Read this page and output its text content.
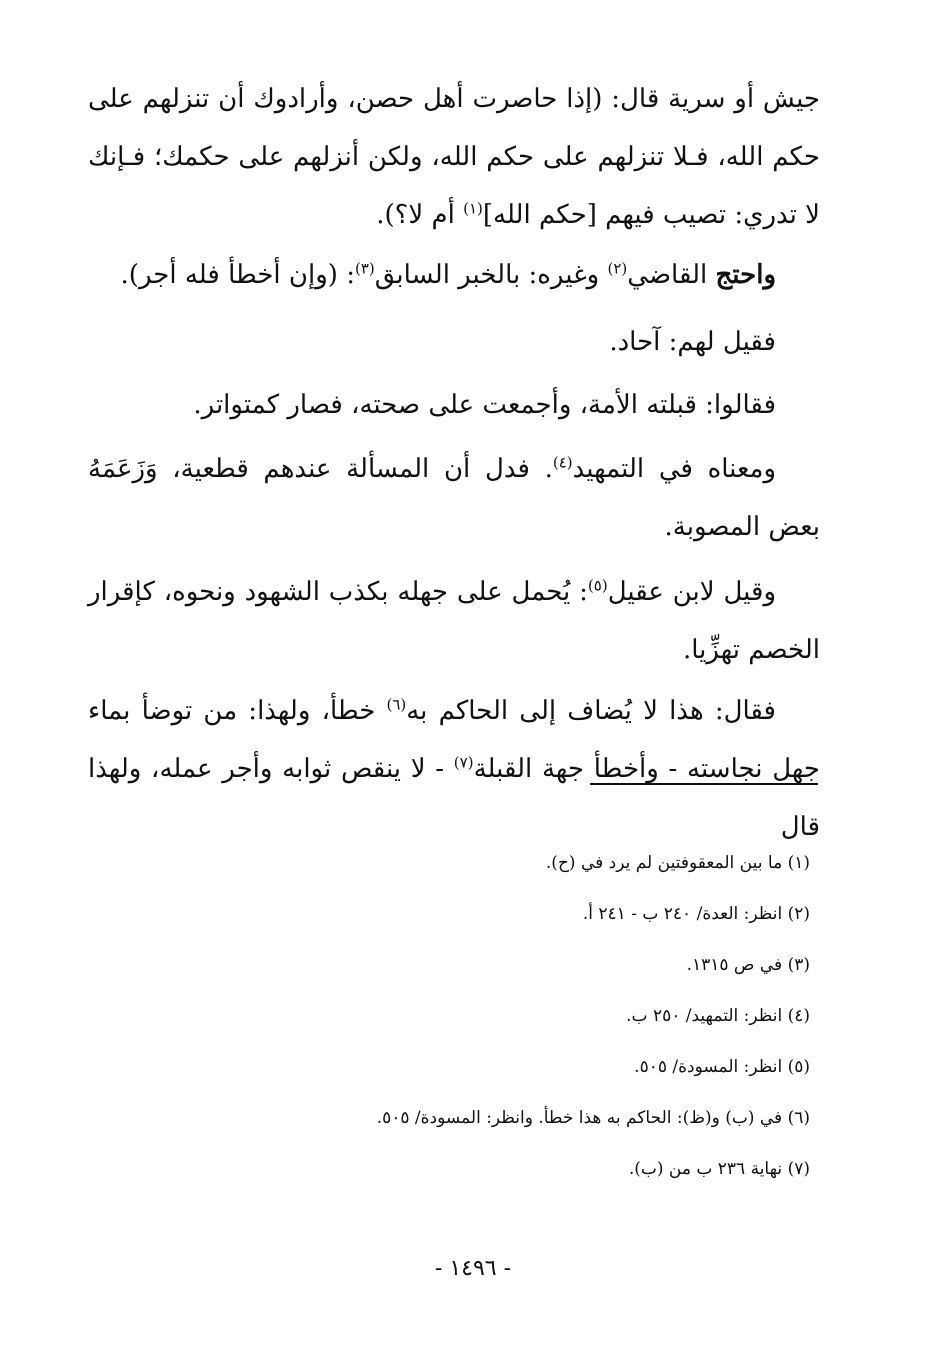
جيش أو سرية قال: (إذا حاصرت أهل حصن، وأرادوك أن تنزلهم على حكم الله، فـلا تنزلهم على حكم الله، ولكن أنزلهم على حكمك؛ فـإنك لا تدري: تصيب فيهم [حكم الله]$^{(١)}$ أم لا؟).

واحتج القاضي$^{(٢)}$ وغيره: بالخبر السابق$^{(٣)}$: (وإن أخطأ فله أجر).

فقيل لهم: آحاد.

فقالوا: قبلته الأمة، وأجمعت على صحته، فصار كمتواتر.

ومعناه في التمهيد$^{(٤)}$. فدل أن المسألة عندهم قطعية، وَزَعَمَهُ بعض المصوبة.

وقيل لابن عقيل$^{(٥)}$: يُحمل على جهله بكذب الشهود ونحوه، كإقرار الخصم تهزِّيا.

فقال: هذا لا يُضاف إلى الحاكم به$^{(٦)}$ خطأ، ولهذا: من توضأ بماء جهل نجاسته - وأخطأ جهة القبلة$^{(٧)}$ - لا ينقص ثوابه وأجر عمله، ولهذا قال

(١) ما بين المعقوفتين لم يرد في (ح).
(٢) انظر: العدة/ ٢٤٠ ب - ٢٤١ أ.
(٣) في ص ١٣١٥.
(٤) انظر: التمهيد/ ٢٥٠ ب.
(٥) انظر: المسودة/ ٥٠٥.
(٦) في (ب) و(ظ): الحاكم به هذا خطأ. وانظر: المسودة/ ٥٠٥.
(٧) نهاية ٢٣٦ ب من (ب).
- ١٤٩٦ -
